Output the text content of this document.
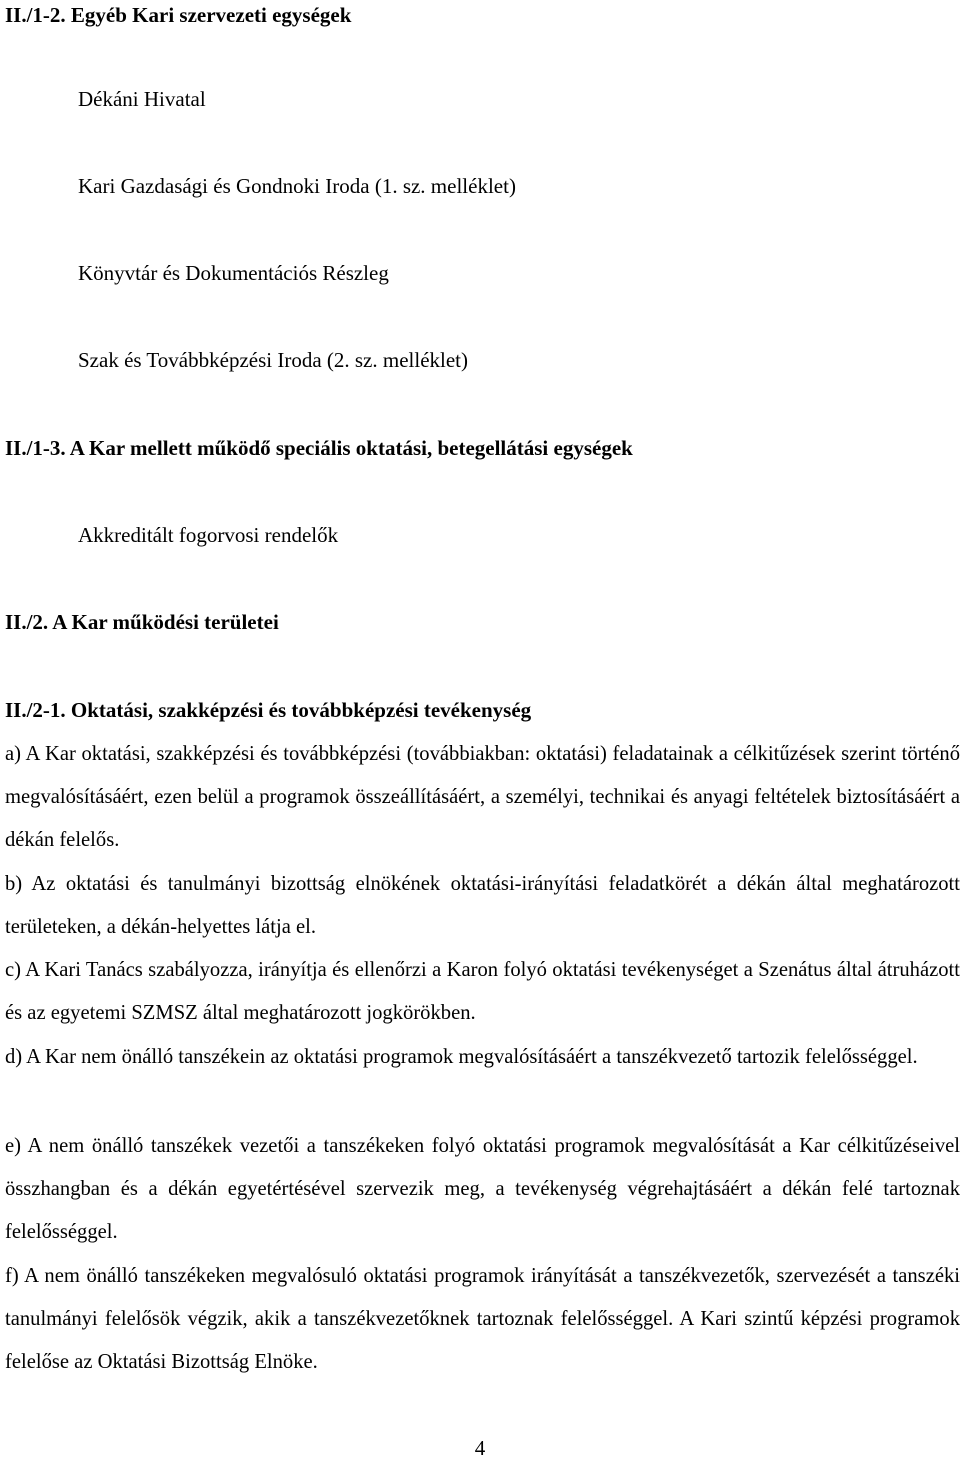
II./1-2. Egyéb Kari szervezeti egységek
Dékáni Hivatal
Kari Gazdasági és Gondnoki Iroda (1. sz. melléklet)
Könyvtár és Dokumentációs Részleg
Szak és Továbbképzési Iroda (2. sz. melléklet)
II./1-3. A Kar mellett működő speciális oktatási, betegellátási egységek
Akkreditált fogorvosi rendelők
II./2. A Kar működési területei
II./2-1. Oktatási, szakképzési és továbbképzési tevékenység
a) A Kar oktatási, szakképzési és továbbképzési (továbbiakban: oktatási) feladatainak a célkitűzések szerint történő megvalósításáért, ezen belül a programok összeállításáért, a személyi, technikai és anyagi feltételek biztosításáért a dékán felelős.
b) Az oktatási és tanulmányi bizottság elnökének oktatási-irányítási feladatkörét a dékán által meghatározott területeken, a dékán-helyettes látja el.
c) A Kari Tanács szabályozza, irányítja és ellenőrzi a Karon folyó oktatási tevékenységet a Szenátus által átruházott és az egyetemi SZMSZ által meghatározott jogkörökben.
d) A Kar nem önálló tanszékein az oktatási programok megvalósításáért a tanszékvezető tartozik felelősséggel.
e) A nem önálló tanszékek vezetői a tanszékeken folyó oktatási programok megvalósítását a Kar célkitűzéseivel összhangban és a dékán egyetértésével szervezik meg, a tevékenység végrehajtásáért a dékán felé tartoznak felelősséggel.
f) A nem önálló tanszékeken megvalósuló oktatási programok irányítását a tanszékvezetők, szervezését a tanszéki tanulmányi felelősök végzik, akik a tanszékvezetőknek tartoznak felelősséggel. A Kari szintű képzési programok felelőse az Oktatási Bizottság Elnöke.
4
